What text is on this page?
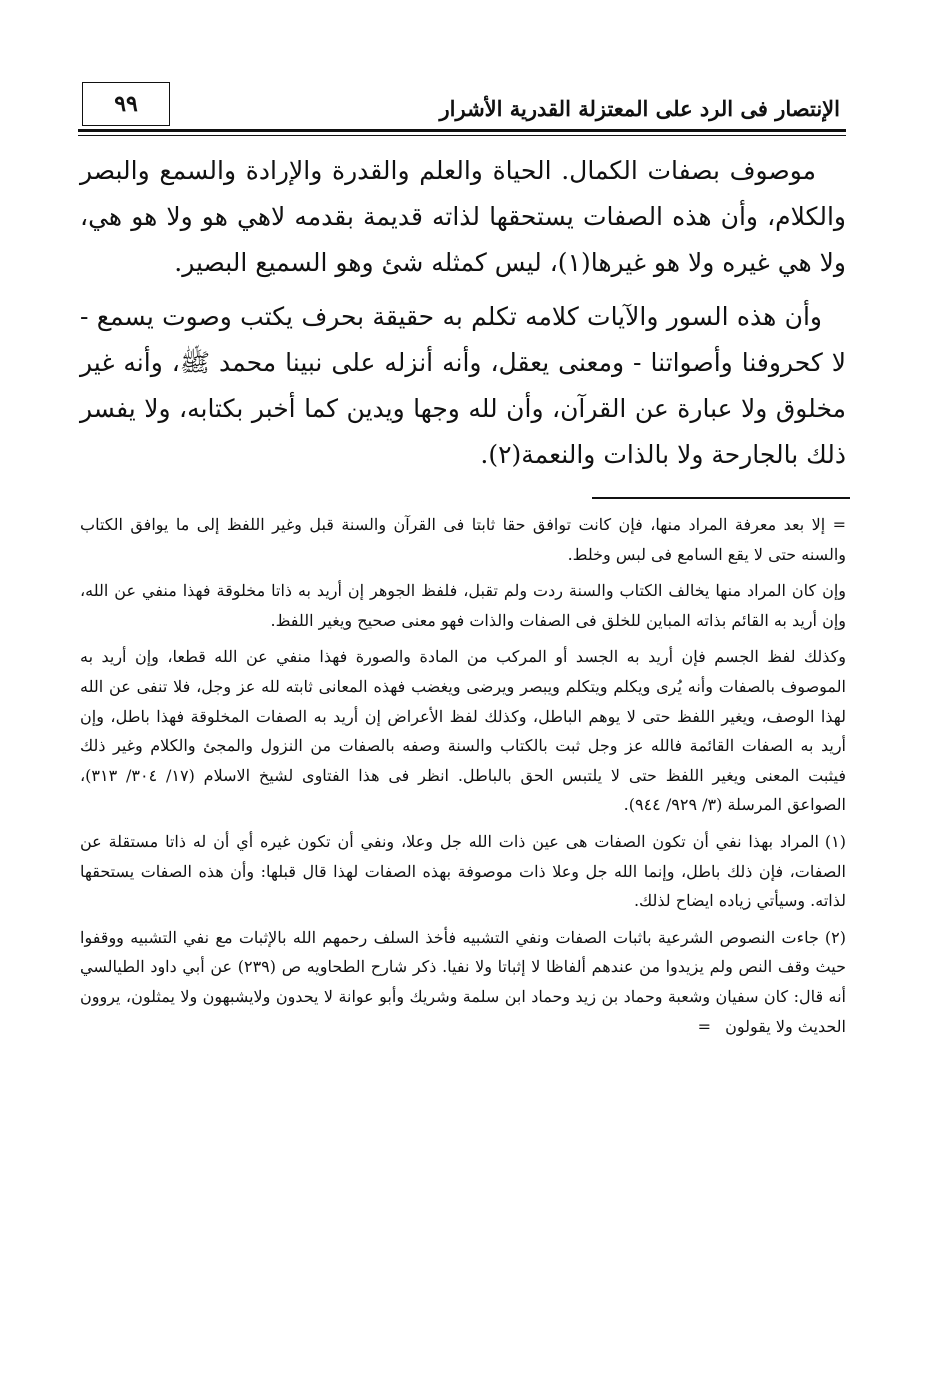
الإنتصار فى الرد على المعتزلة القدرية الأشرار
٩٩

موصوف بصفات الكمال. الحياة والعلم والقدرة والإرادة والسمع والبصر والكلام، وأن هذه الصفات يستحقها لذاته قديمة بقدمه لاهي هو ولا هو هي، ولا هي غيره ولا هو غيرها(١)، ليس كمثله شئ وهو السميع البصير.

وأن هذه السور والآيات كلامه تكلم به حقيقة بحرف يكتب وصوت يسمع - لا كحروفنا وأصواتنا - ومعنى يعقل، وأنه أنزله على نبينا محمد ﷺ، وأنه غير مخلوق ولا عبارة عن القرآن، وأن لله وجها ويدين كما أخبر بكتابه، ولا يفسر ذلك بالجارحة ولا بالذات والنعمة(٢).

= إلا بعد معرفة المراد منها، فإن كانت توافق حقا ثابتا فى القرآن والسنة قبل وغير اللفظ إلى ما يوافق الكتاب والسنه حتى لا يقع السامع فى لبس وخلط.

وإن كان المراد منها يخالف الكتاب والسنة ردت ولم تقبل، فلفظ الجوهر إن أريد به ذاتا مخلوقة فهذا منفي عن الله، وإن أريد به القائم بذاته المباين للخلق فى الصفات والذات فهو معنى صحيح ويغير اللفظ.

وكذلك لفظ الجسم فإن أريد به الجسد أو المركب من المادة والصورة فهذا منفي عن الله قطعا، وإن أريد به الموصوف بالصفات وأنه يُرى ويكلم ويتكلم ويبصر ويرضى ويغضب فهذه المعانى ثابته لله عز وجل، فلا تنفى عن الله لهذا الوصف، ويغير اللفظ حتى لا يوهم الباطل، وكذلك لفظ الأعراض إن أريد به الصفات المخلوقة فهذا باطل، وإن أريد به الصفات القائمة فالله عز وجل ثبت بالكتاب والسنة وصفه بالصفات من النزول والمجئ والكلام وغير ذلك فيثبت المعنى ويغير اللفظ حتى لا يلتبس الحق بالباطل. انظر فى هذا الفتاوى لشيخ الاسلام (١٧/ ٣٠٤/ ٣١٣)، الصواعق المرسلة (٣/ ٩٢٩/ ٩٤٤).

(١)المراد بهذا نفي أن تكون الصفات هى عين ذات الله جل وعلا، ونفي أن تكون غيره أي أن له ذاتا مستقلة عن الصفات، فإن ذلك باطل، وإنما الله جل وعلا ذات موصوفة بهذه الصفات لهذا قال قبلها: وأن هذه الصفات يستحقها لذاته. وسيأتي زياده ايضاح لذلك.

(٢)جاءت النصوص الشرعية باثبات الصفات ونفي التشبيه فأخذ السلف رحمهم الله بالإثبات مع نفي التشبيه ووقفوا حيث وقف النص ولم يزيدوا من عندهم ألفاظا لا إثباتا ولا نفيا. ذكر شارح الطحاويه ص (٢٣٩) عن أبي داود الطيالسي أنه قال: كان سفيان وشعبة وحماد بن زيد وحماد ابن سلمة وشريك وأبو عوانة لا يحدون ولايشبهون ولا يمثلون، يروون الحديث ولا يقولون=
